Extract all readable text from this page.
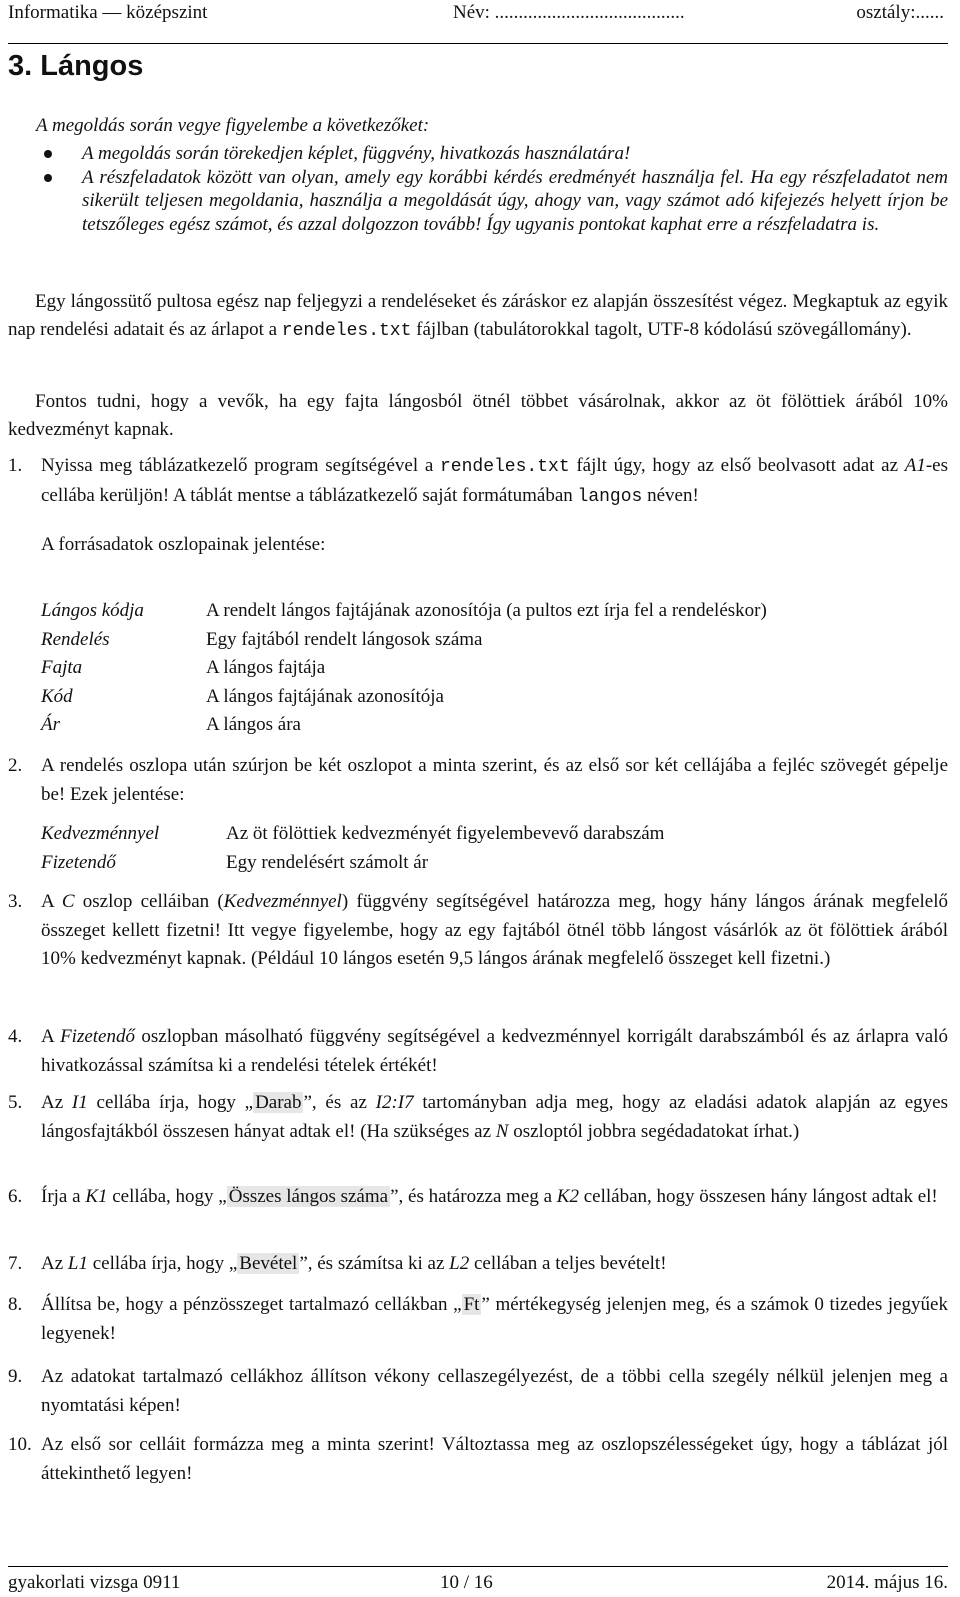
Informatika — középszint	Név: ........................................	osztály:......
3. Lángos
A megoldás során vegye figyelembe a következőket:
A megoldás során törekedjen képlet, függvény, hivatkozás használatára!
A részfeladatok között van olyan, amely egy korábbi kérdés eredményét használja fel. Ha egy részfeladatot nem sikerült teljesen megoldania, használja a megoldását úgy, ahogy van, vagy számot adó kifejezés helyett írjon be tetszőleges egész számot, és azzal dolgozzon tovább! Így ugyanis pontokat kaphat erre a részfeladatra is.
Egy lángossütő pultosa egész nap feljegyzi a rendeléseket és záráskor ez alapján összesítést végez. Megkaptuk az egyik nap rendelési adatait és az árlapot a rendeles.txt fájlban (tabulátorokkal tagolt, UTF-8 kódolású szövegállomány).
Fontos tudni, hogy a vevők, ha egy fajta lángosból ötnél többet vásárolnak, akkor az öt fölöttiek árából 10% kedvezményt kapnak.
1. Nyissa meg táblázatkezelő program segítségével a rendeles.txt fájlt úgy, hogy az első beolvasott adat az A1-es cellába kerüljön! A táblát mentse a táblázatkezelő saját formátumában langos néven!
A forrásadatok oszlopainak jelentése:
Lángos kódja	A rendelt lángos fajtájának azonosítója (a pultos ezt írja fel a rendeléskor)
Rendelés	Egy fajtából rendelt lángosok száma
Fajta	A lángos fajtája
Kód	A lángos fajtájának azonosítója
Ár	A lángos ára
2. A rendelés oszlopa után szúrjon be két oszlopot a minta szerint, és az első sor két cellájába a fejléc szövegét gépelje be! Ezek jelentése:
Kedvezménnyel	Az öt fölöttiek kedvezményét figyelembevevő darabszám
Fizetendő	Egy rendelésért számolt ár
3. A C oszlop celláiban (Kedvezménnyel) függvény segítségével határozza meg, hogy hány lángos árának megfelelő összeget kellett fizetni! Itt vegye figyelembe, hogy az egy fajtából ötnél több lángost vásárlók az öt fölöttiek árából 10% kedvezményt kapnak. (Például 10 lángos esetén 9,5 lángos árának megfelelő összeget kell fizetni.)
4. A Fizetendő oszlopban másolható függvény segítségével a kedvezménnyel korrigált darabszámból és az árlapra való hivatkozással számítsa ki a rendelési tételek értékét!
5. Az I1 cellába írja, hogy „ Darab ”, és az I2:I7 tartományban adja meg, hogy az eladási adatok alapján az egyes lángosfajtákból összesen hányat adtak el! (Ha szükséges az N oszloptól jobbra segédadatokat írhat.)
6. Írja a K1 cellába, hogy „ Összes lángos száma ”, és határozza meg a K2 cellában, hogy összesen hány lángost adtak el!
7. Az L1 cellába írja, hogy „ Bevétel ”, és számítsa ki az L2 cellában a teljes bevételt!
8. Állítsa be, hogy a pénzösszeget tartalmazó cellákban „ Ft ” mértékegység jelenjen meg, és a számok 0 tizedes jegyűek legyenek!
9. Az adatokat tartalmazó cellákhoz állítson vékony cellaszegélyezést, de a többi cella szegély nélkül jelenjen meg a nyomtatási képen!
10. Az első sor celláit formázza meg a minta szerint! Változtassa meg az oszlopszélességeket úgy, hogy a táblázat jól áttekinthető legyen!
gyakorlati vizsga 0911	10 / 16	2014. május 16.
